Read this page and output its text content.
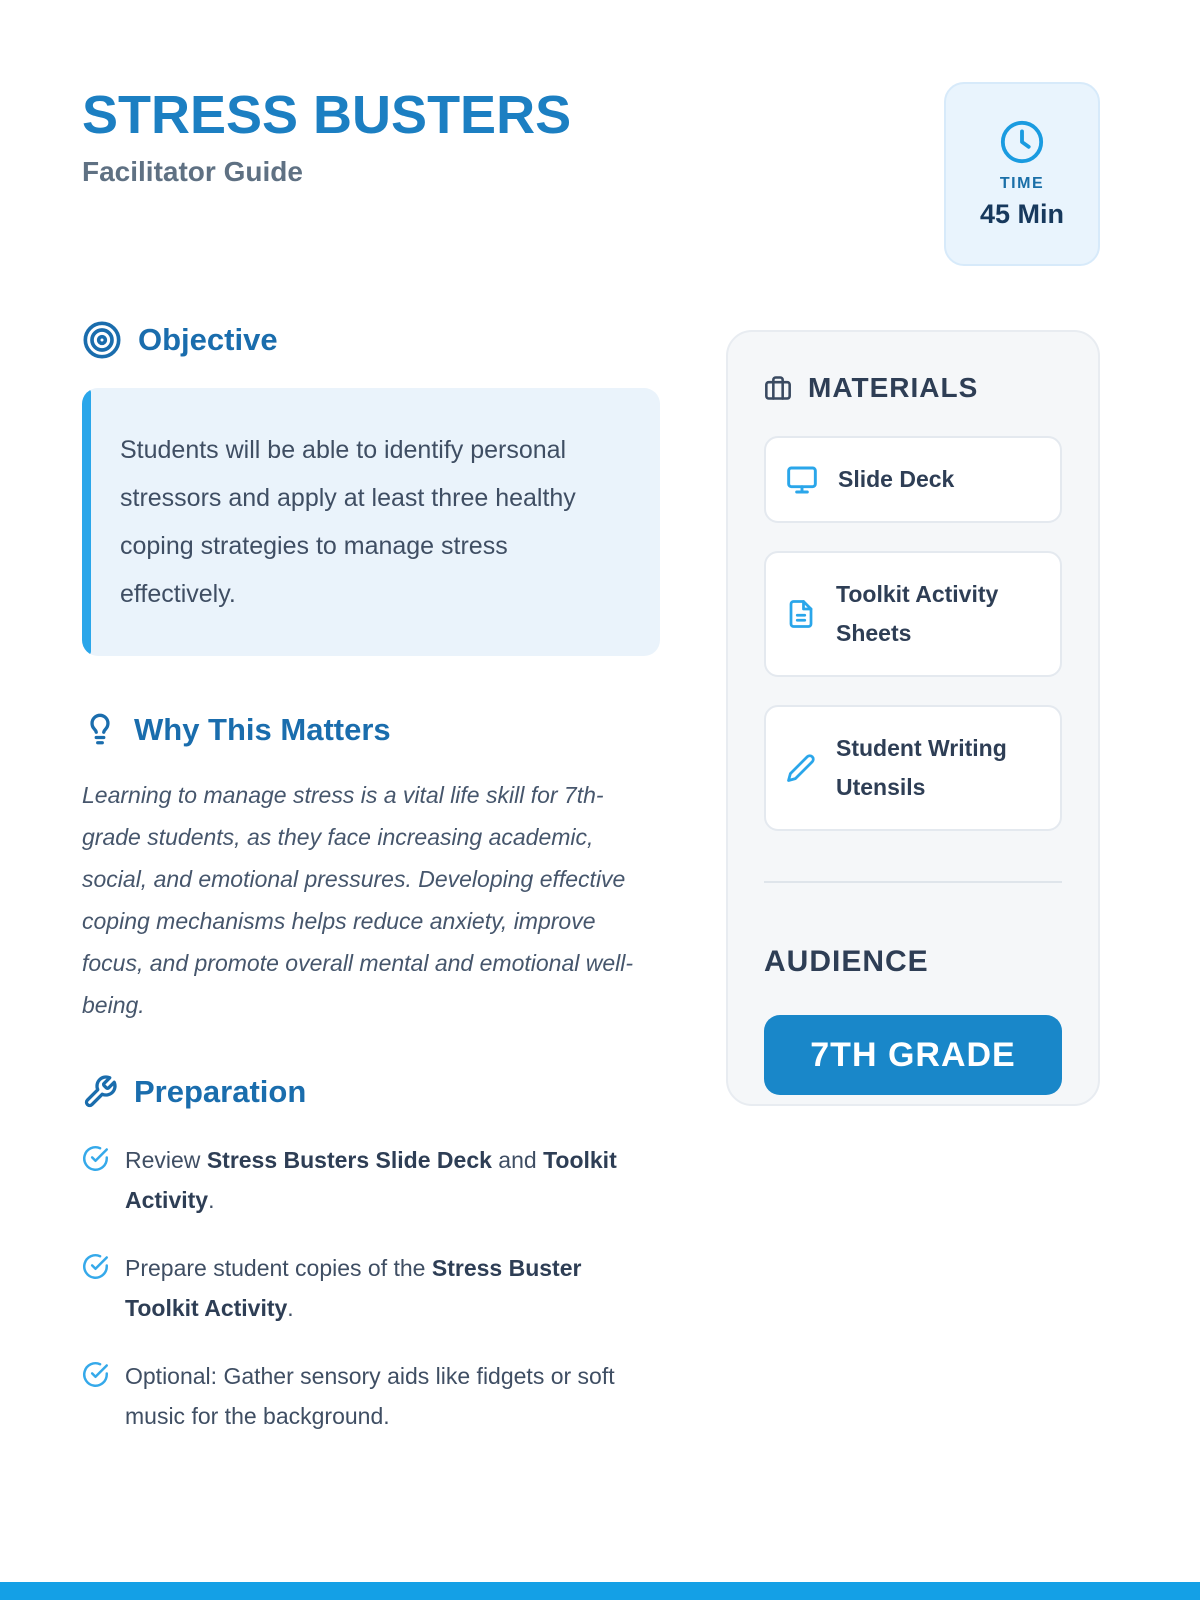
STRESS BUSTERS
Facilitator Guide	TIME
45 Min
Objective
Students will be able to identify personal stressors and apply at least three healthy coping strategies to manage stress effectively.
Why This Matters
Learning to manage stress is a vital life skill for 7th-grade students, as they face increasing academic, social, and emotional pressures. Developing effective coping mechanisms helps reduce anxiety, improve focus, and promote overall mental and emotional well-being.
Preparation
Review Stress Busters Slide Deck and Toolkit Activity.
Prepare student copies of the Stress Buster Toolkit Activity.
Optional: Gather sensory aids like fidgets or soft music for the background.
MATERIALS
Slide Deck
Toolkit Activity Sheets
Student Writing Utensils
AUDIENCE
7TH GRADE
